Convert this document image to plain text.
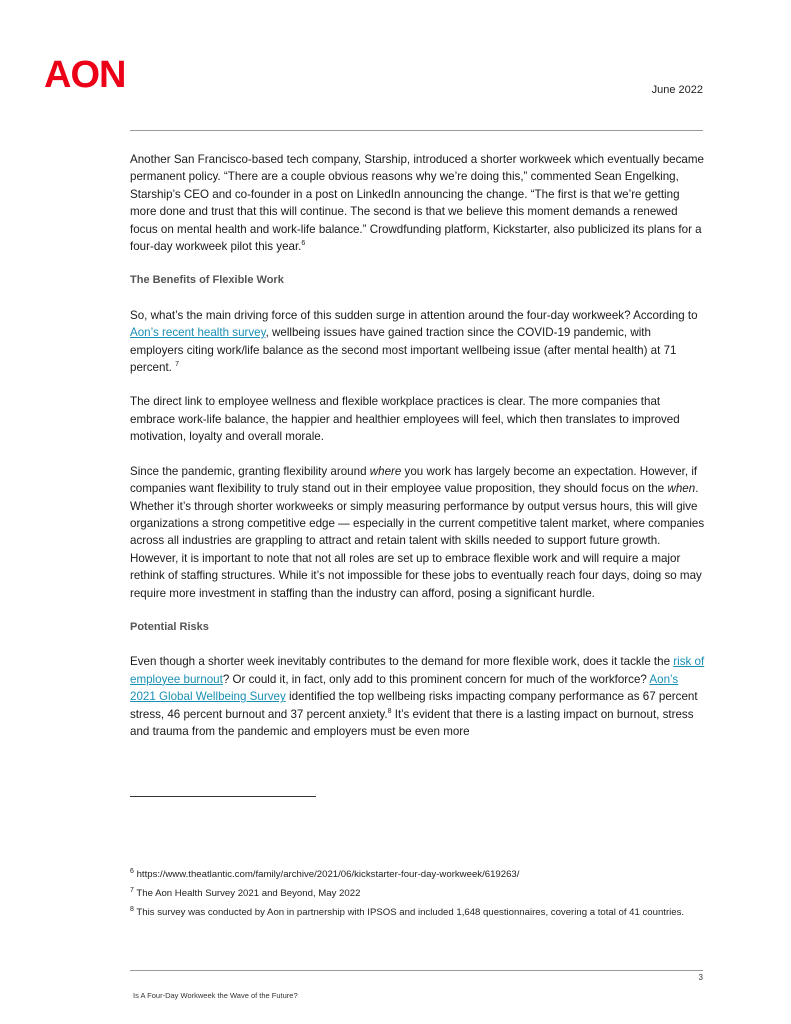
AON	June 2022

Another San Francisco-based tech company, Starship, introduced a shorter workweek which eventually became permanent policy. “There are a couple obvious reasons why we’re doing this,” commented Sean Engelking, Starship’s CEO and co-founder in a post on LinkedIn announcing the change. “The first is that we’re getting more done and trust that this will continue. The second is that we believe this moment demands a renewed focus on mental health and work-life balance.” Crowdfunding platform, Kickstarter, also publicized its plans for a four-day workweek pilot this year.$^6$

The Benefits of Flexible Work

So, what’s the main driving force of this sudden surge in attention around the four-day workweek? According to Aon’s recent health survey, wellbeing issues have gained traction since the COVID-19 pandemic, with employers citing work/life balance as the second most important wellbeing issue (after mental health) at 71 percent. $^7$

The direct link to employee wellness and flexible workplace practices is clear. The more companies that embrace work-life balance, the happier and healthier employees will feel, which then translates to improved motivation, loyalty and overall morale.

Since the pandemic, granting flexibility around where you work has largely become an expectation. However, if companies want flexibility to truly stand out in their employee value proposition, they should focus on the when. Whether it’s through shorter workweeks or simply measuring performance by output versus hours, this will give organizations a strong competitive edge — especially in the current competitive talent market, where companies across all industries are grappling to attract and retain talent with skills needed to support future growth. However, it is important to note that not all roles are set up to embrace flexible work and will require a major rethink of staffing structures. While it’s not impossible for these jobs to eventually reach four days, doing so may require more investment in staffing than the industry can afford, posing a significant hurdle.

Potential Risks

Even though a shorter week inevitably contributes to the demand for more flexible work, does it tackle the risk of employee burnout? Or could it, in fact, only add to this prominent concern for much of the workforce? Aon’s 2021 Global Wellbeing Survey identified the top wellbeing risks impacting company performance as 67 percent stress, 46 percent burnout and 37 percent anxiety.$^8$ It’s evident that there is a lasting impact on burnout, stress and trauma from the pandemic and employers must be even more

$^6$ https://www.theatlantic.com/family/archive/2021/06/kickstarter-four-day-workweek/619263/
$^7$ The Aon Health Survey 2021 and Beyond, May 2022
$^8$ This survey was conducted by Aon in partnership with IPSOS and included 1,648 questionnaires, covering a total of 41 countries.
3
Is A Four-Day Workweek the Wave of the Future?
